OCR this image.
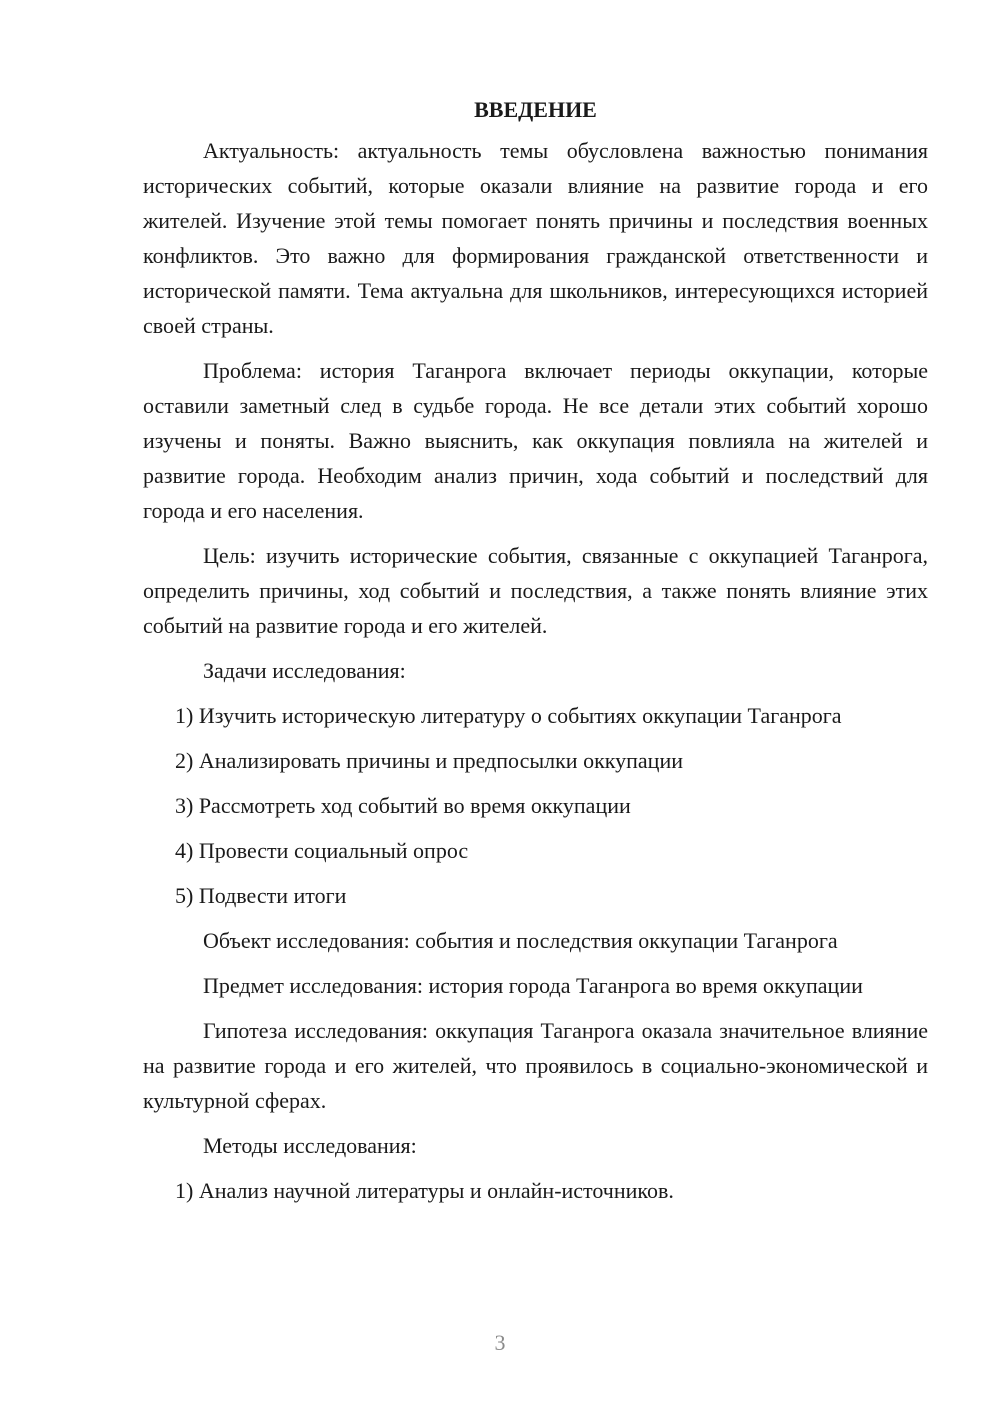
ВВЕДЕНИЕ

Актуальность: актуальность темы обусловлена важностью понимания исторических событий, которые оказали влияние на развитие города и его жителей. Изучение этой темы помогает понять причины и последствия военных конфликтов. Это важно для формирования гражданской ответственности и исторической памяти. Тема актуальна для школьников, интересующихся историей своей страны.

Проблема: история Таганрога включает периоды оккупации, которые оставили заметный след в судьбе города. Не все детали этих событий хорошо изучены и поняты. Важно выяснить, как оккупация повлияла на жителей и развитие города. Необходим анализ причин, хода событий и последствий для города и его населения.

Цель: изучить исторические события, связанные с оккупацией Таганрога, определить причины, ход событий и последствия, а также понять влияние этих событий на развитие города и его жителей.

Задачи исследования:

1) Изучить историческую литературу о событиях оккупации Таганрога

2) Анализировать причины и предпосылки оккупации

3) Рассмотреть ход событий во время оккупации

4) Провести социальный опрос

5) Подвести итоги

Объект исследования: события и последствия оккупации Таганрога

Предмет исследования: история города Таганрога во время оккупации

Гипотеза исследования: оккупация Таганрога оказала значительное влияние на развитие города и его жителей, что проявилось в социально-экономической и культурной сферах.

Методы исследования:

1) Анализ научной литературы и онлайн-источников.

3
